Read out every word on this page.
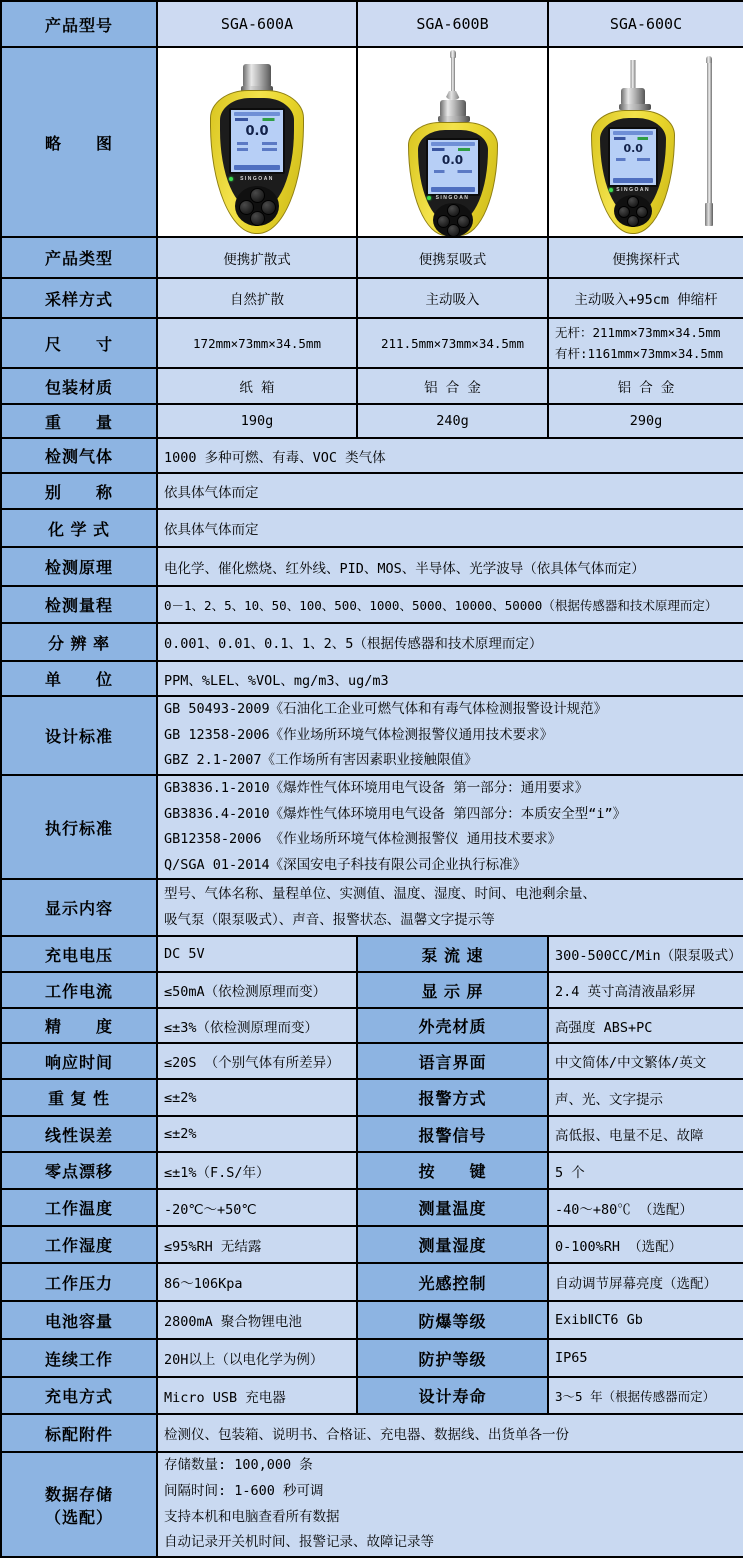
产品型号	SGA-600A	SGA-600B	SGA-600C
略　　图	
0.0
SINGOAN

0.0
SINGOAN

0.0
SINGOAN

产品类型	便携扩散式	便携泵吸式	便携探杆式
采样方式	自然扩散	主动吸入	主动吸入+95cm 伸缩杆
尺　　寸	172mm×73mm×34.5mm	211.5mm×73mm×34.5mm	无杆：211mm×73mm×34.5mm
有杆:1161mm×73mm×34.5mm

包装材质	纸 箱	铝 合 金	铝 合 金
重　　量	190g	240g	290g
检测气体	1000 多种可燃、有毒、VOC 类气体		
别　　称	依具体气体而定		
化 学 式	依具体气体而定		
检测原理	电化学、催化燃烧、红外线、PID、MOS、半导体、光学波导（依具体气体而定）		
检测量程	0－1、2、5、10、50、100、500、1000、5000、10000、50000（根据传感器和技术原理而定）		
分 辨 率	0.001、0.01、0.1、1、2、5（根据传感器和技术原理而定）		
单　　位	PPM、%LEL、%VOL、mg/m3、ug/m3		
设计标准	GB 50493-2009《石油化工企业可燃气体和有毒气体检测报警设计规范》
GB 12358-2006《作业场所环境气体检测报警仪通用技术要求》
GBZ 2.1-2007《工作场所有害因素职业接触限值》		

执行标准	GB3836.1-2010《爆炸性气体环境用电气设备 第一部分：通用要求》
GB3836.4-2010《爆炸性气体环境用电气设备 第四部分：本质安全型“i”》
GB12358-2006 《作业场所环境气体检测报警仪 通用技术要求》
Q/SGA 01-2014《深国安电子科技有限公司企业执行标准》		

显示内容	型号、气体名称、量程单位、实测值、温度、湿度、时间、电池剩余量、
吸气泵（限泵吸式）、声音、报警状态、温馨文字提示等		

充电电压	DC 5V	泵 流 速	300-500CC/Min（限泵吸式）
工作电流	≤50mA（依检测原理而变）	显 示 屏	2.4 英寸高清液晶彩屏
精　　度	≤±3%（依检测原理而变）	外壳材质	高强度 ABS+PC
响应时间	≤20S （个别气体有所差异）	语言界面	中文简体/中文繁体/英文
重 复 性	≤±2%	报警方式	声、光、文字提示
线性误差	≤±2%	报警信号	高低报、电量不足、故障
零点漂移	≤±1%（F.S/年）	按　　键	5 个
工作温度	-20℃～+50℃	测量温度	-40～+80℃ （选配）
工作湿度	≤95%RH 无结露	测量湿度	0-100%RH （选配）
工作压力	86～106Kpa	光感控制	自动调节屏幕亮度（选配）
电池容量	2800mA 聚合物锂电池	防爆等级	ExibⅡCT6 Gb
连续工作	20H以上（以电化学为例）	防护等级	IP65
充电方式	Micro USB 充电器	设计寿命	3～5 年（根据传感器而定）
标配附件	检测仪、包装箱、说明书、合格证、充电器、数据线、出货单各一份		

数据存储
（选配）

存储数量: 100,000 条
间隔时间: 1-600 秒可调
支持本机和电脑查看所有数据
自动记录开关机时间、报警记录、故障记录等
